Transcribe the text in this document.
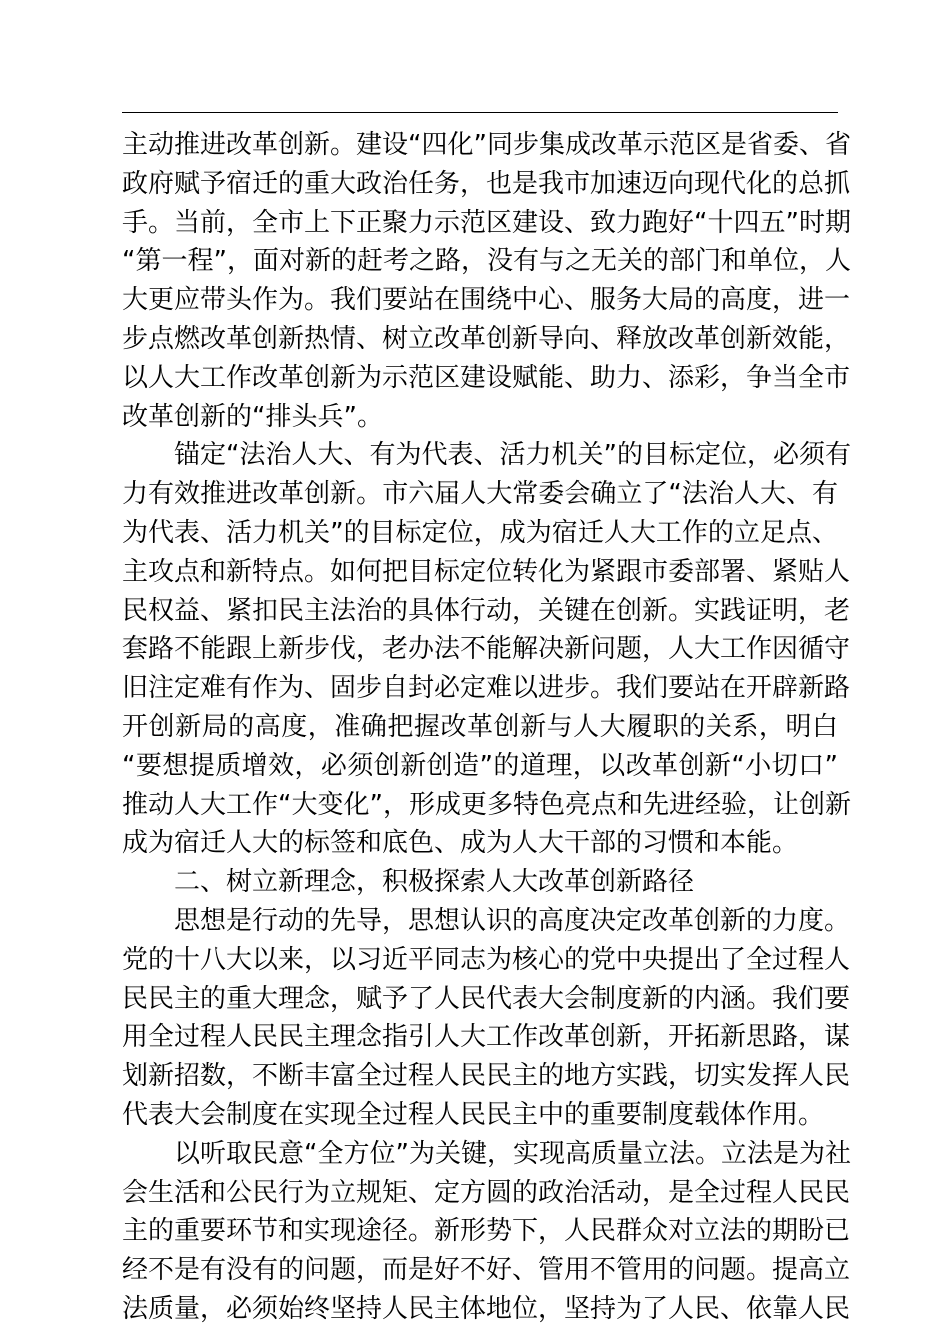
主动推进改革创新。建设“四化”同步集成改革示范区是省委、省
政府赋予宿迁的重大政治任务，也是我市加速迈向现代化的总抓
手。当前，全市上下正聚力示范区建设、致力跑好“十四五”时期
“第一程”，面对新的赶考之路，没有与之无关的部门和单位，人
大更应带头作为。我们要站在围绕中心、服务大局的高度，进一
步点燃改革创新热情、树立改革创新导向、释放改革创新效能，
以人大工作改革创新为示范区建设赋能、助力、添彩，争当全市
改革创新的“排头兵”。
锚定“法治人大、有为代表、活力机关”的目标定位，必须有
力有效推进改革创新。市六届人大常委会确立了“法治人大、有
为代表、活力机关”的目标定位，成为宿迁人大工作的立足点、
主攻点和新特点。如何把目标定位转化为紧跟市委部署、紧贴人
民权益、紧扣民主法治的具体行动，关键在创新。实践证明，老
套路不能跟上新步伐，老办法不能解决新问题，人大工作因循守
旧注定难有作为、固步自封必定难以进步。我们要站在开辟新路
开创新局的高度，准确把握改革创新与人大履职的关系，明白
“要想提质增效，必须创新创造”的道理，以改革创新“小切口”
推动人大工作“大变化”，形成更多特色亮点和先进经验，让创新
成为宿迁人大的标签和底色、成为人大干部的习惯和本能。
二、树立新理念，积极探索人大改革创新路径
思想是行动的先导，思想认识的高度决定改革创新的力度。
党的十八大以来，以习近平同志为核心的党中央提出了全过程人
民民主的重大理念，赋予了人民代表大会制度新的内涵。我们要
用全过程人民民主理念指引人大工作改革创新，开拓新思路，谋
划新招数，不断丰富全过程人民民主的地方实践，切实发挥人民
代表大会制度在实现全过程人民民主中的重要制度载体作用。
以听取民意“全方位”为关键，实现高质量立法。立法是为社
会生活和公民行为立规矩、定方圆的政治活动，是全过程人民民
主的重要环节和实现途径。新形势下，人民群众对立法的期盼已
经不是有没有的问题，而是好不好、管用不管用的问题。提高立
法质量，必须始终坚持人民主体地位，坚持为了人民、依靠人民
